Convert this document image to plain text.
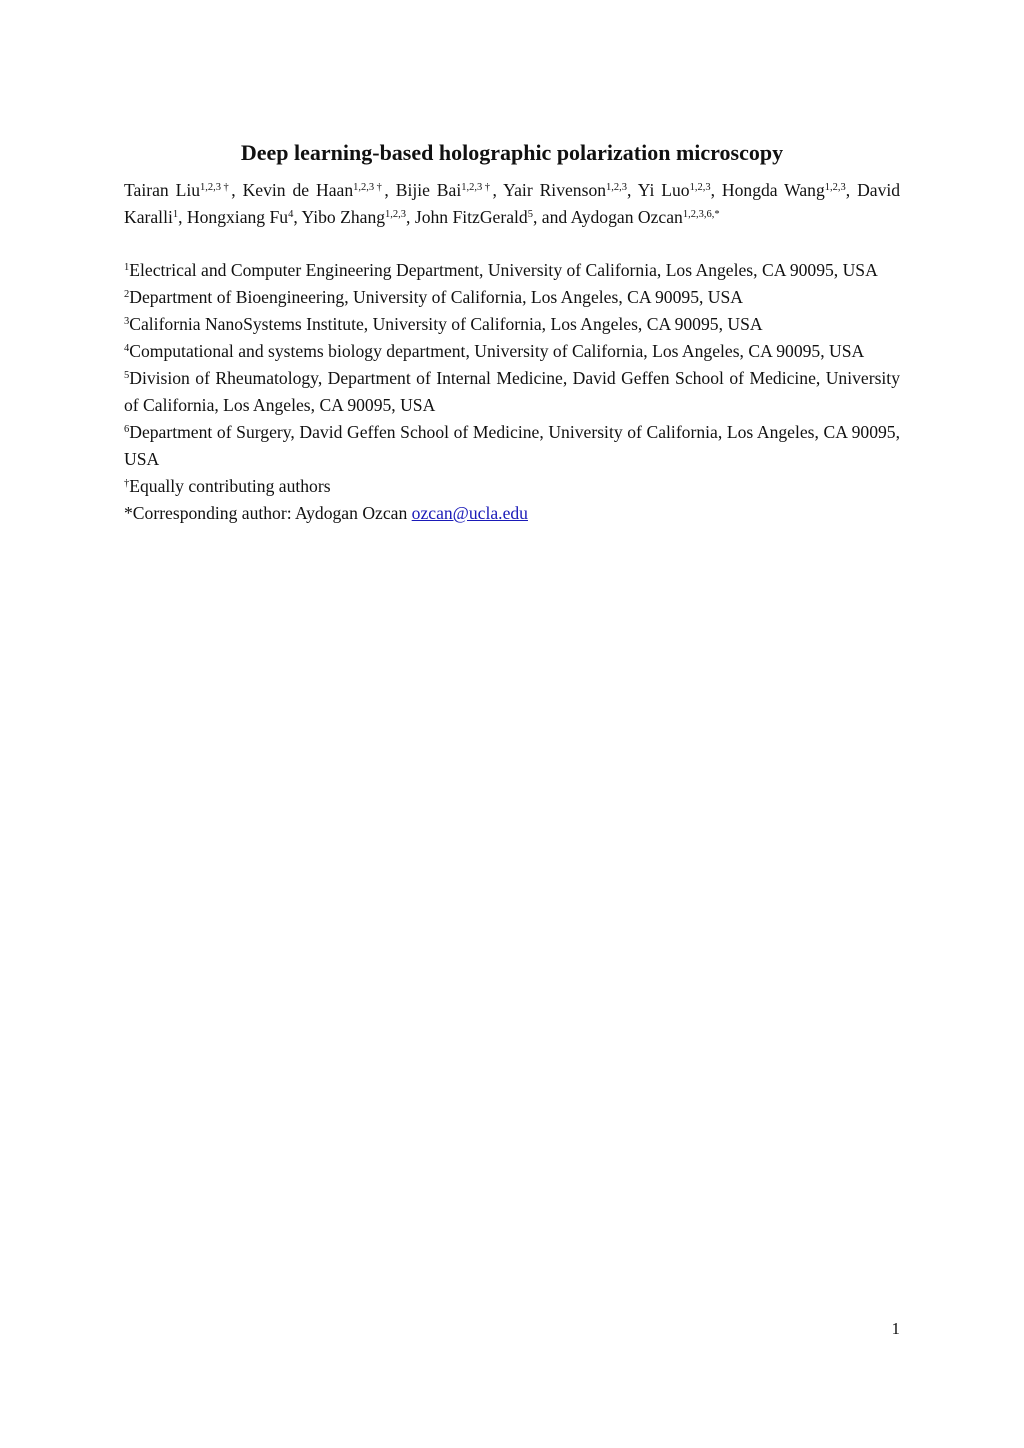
Deep learning-based holographic polarization microscopy
Tairan Liu$^{1,2,3\dagger}$, Kevin de Haan$^{1,2,3\dagger}$, Bijie Bai$^{1,2,3\dagger}$, Yair Rivenson$^{1,2,3}$, Yi Luo$^{1,2,3}$, Hongda Wang$^{1,2,3}$, David Karalli$^1$, Hongxiang Fu$^4$, Yibo Zhang$^{1,2,3}$, John FitzGerald$^5$, and Aydogan Ozcan$^{1,2,3,6,*}$

$^1$Electrical and Computer Engineering Department, University of California, Los Angeles, CA 90095, USA

$^2$Department of Bioengineering, University of California, Los Angeles, CA 90095, USA

$^3$California NanoSystems Institute, University of California, Los Angeles, CA 90095, USA

$^4$Computational and systems biology department, University of California, Los Angeles, CA 90095, USA

$^5$Division of Rheumatology, Department of Internal Medicine, David Geffen School of Medicine, University of California, Los Angeles, CA 90095, USA

$^6$Department of Surgery, David Geffen School of Medicine, University of California, Los Angeles, CA 90095, USA

†Equally contributing authors

*Corresponding author: Aydogan Ozcan ozcan@ucla.edu

1
